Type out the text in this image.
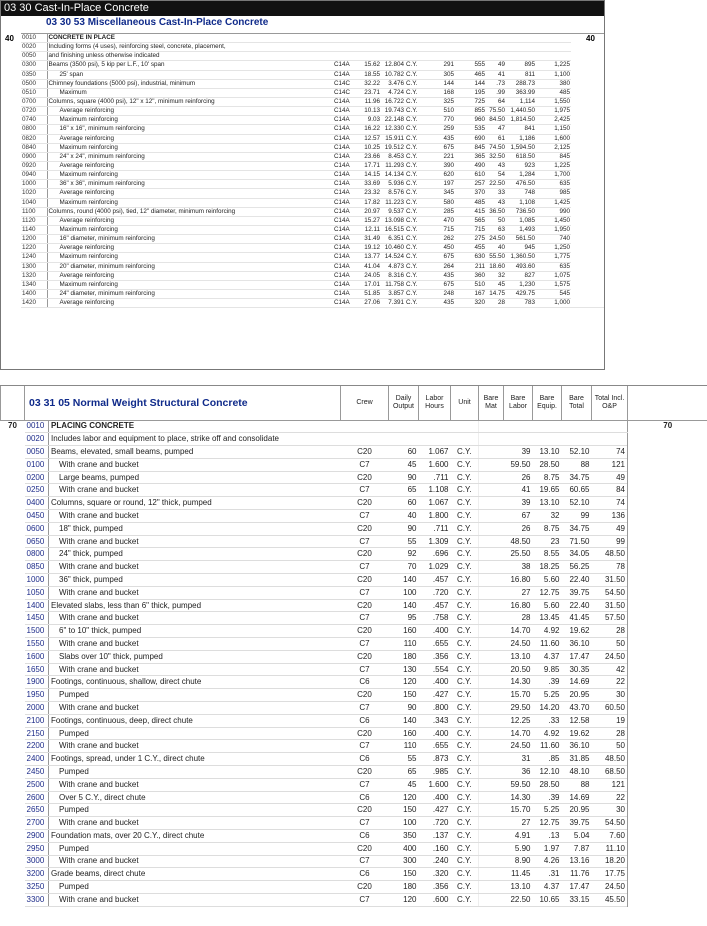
03 30 Cast-In-Place Concrete
03 30 53 Miscellaneous Cast-In-Place Concrete
40	40
0010	CONCRETE IN PLACE										
0020	Including forms (4 uses), reinforcing steel, concrete, placement,										
0050	and finishing unless otherwise indicated										
0300	Beams (3500 psi), 5 kip per L.F., 10' span	C14A	15.62	12.804	C.Y.	291	555	49	895	1,225	
0350	25' span	C14A	18.55	10.782	C.Y.	305	465	41	811	1,100	
0500	Chimney foundations (5000 psi), industrial, minimum	C14C	32.22	3.476	C.Y.	144	144	.73	288.73	380	
0510	Maximum	C14C	23.71	4.724	C.Y.	168	195	.99	363.99	485	
0700	Columns, square (4000 psi), 12" x 12", minimum reinforcing	C14A	11.96	16.722	C.Y.	325	725	64	1,114	1,550	
0720	Average reinforcing	C14A	10.13	19.743	C.Y.	510	855	75.50	1,440.50	1,975	
0740	Maximum reinforcing	C14A	9.03	22.148	C.Y.	770	960	84.50	1,814.50	2,425	
0800	16" x 16", minimum reinforcing	C14A	16.22	12.330	C.Y.	259	535	47	841	1,150	
0820	Average reinforcing	C14A	12.57	15.911	C.Y.	435	690	61	1,186	1,600	
0840	Maximum reinforcing	C14A	10.25	19.512	C.Y.	675	845	74.50	1,594.50	2,125	
0900	24" x 24", minimum reinforcing	C14A	23.66	8.453	C.Y.	221	365	32.50	618.50	845	
0920	Average reinforcing	C14A	17.71	11.293	C.Y.	390	490	43	923	1,225	
0940	Maximum reinforcing	C14A	14.15	14.134	C.Y.	620	610	54	1,284	1,700	
1000	36" x 36", minimum reinforcing	C14A	33.69	5.936	C.Y.	197	257	22.50	476.50	635	
1020	Average reinforcing	C14A	23.32	8.576	C.Y.	345	370	33	748	985	
1040	Maximum reinforcing	C14A	17.82	11.223	C.Y.	580	485	43	1,108	1,425	
1100	Columns, round (4000 psi), tied, 12" diameter, minimum reinforcing	C14A	20.97	9.537	C.Y.	285	415	36.50	736.50	990	
1120	Average reinforcing	C14A	15.27	13.098	C.Y.	470	565	50	1,085	1,450	
1140	Maximum reinforcing	C14A	12.11	16.515	C.Y.	715	715	63	1,493	1,950	
1200	16" diameter, minimum reinforcing	C14A	31.49	6.351	C.Y.	262	275	24.50	561.50	740	
1220	Average reinforcing	C14A	19.12	10.460	C.Y.	450	455	40	945	1,250	
1240	Maximum reinforcing	C14A	13.77	14.524	C.Y.	675	630	55.50	1,360.50	1,775	
1300	20" diameter, minimum reinforcing	C14A	41.04	4.873	C.Y.	264	211	18.60	493.60	635	
1320	Average reinforcing	C14A	24.05	8.316	C.Y.	435	360	32	827	1,075	
1340	Maximum reinforcing	C14A	17.01	11.758	C.Y.	675	510	45	1,230	1,575	
1400	24" diameter, minimum reinforcing	C14A	51.85	3.857	C.Y.	248	167	14.75	429.75	545	
1420	Average reinforcing	C14A	27.06	7.391	C.Y.	435	320	28	783	1,000	
	03 31 05 Normal Weight Structural Concrete		Crew	Daily Output	Labor Hours	Unit	Bare Mat	Bare Labor	Bare Equip.	Bare Total	Total Incl. O&P	
70	0010	PLACING CONCRETE										70
	0020	Includes labor and equipment to place, strike off and consolidate										
	0050	Beams, elevated, small beams, pumped	C20	60	1.067	C.Y.		39	13.10	52.10	74	
	0100	With crane and bucket	C7	45	1.600	C.Y.		59.50	28.50	88	121	
	0200	Large beams, pumped	C20	90	.711	C.Y.		26	8.75	34.75	49	
	0250	With crane and bucket	C7	65	1.108	C.Y.		41	19.65	60.65	84	
	0400	Columns, square or round, 12" thick, pumped	C20	60	1.067	C.Y.		39	13.10	52.10	74	
	0450	With crane and bucket	C7	40	1.800	C.Y.		67	32	99	136	
	0600	18" thick, pumped	C20	90	.711	C.Y.		26	8.75	34.75	49	
	0650	With crane and bucket	C7	55	1.309	C.Y.		48.50	23	71.50	99	
	0800	24" thick, pumped	C20	92	.696	C.Y.		25.50	8.55	34.05	48.50	
	0850	With crane and bucket	C7	70	1.029	C.Y.		38	18.25	56.25	78	
	1000	36" thick, pumped	C20	140	.457	C.Y.		16.80	5.60	22.40	31.50	
	1050	With crane and bucket	C7	100	.720	C.Y.		27	12.75	39.75	54.50	
	1400	Elevated slabs, less than 6" thick, pumped	C20	140	.457	C.Y.		16.80	5.60	22.40	31.50	
	1450	With crane and bucket	C7	95	.758	C.Y.		28	13.45	41.45	57.50	
	1500	6" to 10" thick, pumped	C20	160	.400	C.Y.		14.70	4.92	19.62	28	
	1550	With crane and bucket	C7	110	.655	C.Y.		24.50	11.60	36.10	50	
	1600	Slabs over 10" thick, pumped	C20	180	.356	C.Y.		13.10	4.37	17.47	24.50	
	1650	With crane and bucket	C7	130	.554	C.Y.		20.50	9.85	30.35	42	
	1900	Footings, continuous, shallow, direct chute	C6	120	.400	C.Y.		14.30	.39	14.69	22	
	1950	Pumped	C20	150	.427	C.Y.		15.70	5.25	20.95	30	
	2000	With crane and bucket	C7	90	.800	C.Y.		29.50	14.20	43.70	60.50	
	2100	Footings, continuous, deep, direct chute	C6	140	.343	C.Y.		12.25	.33	12.58	19	
	2150	Pumped	C20	160	.400	C.Y.		14.70	4.92	19.62	28	
	2200	With crane and bucket	C7	110	.655	C.Y.		24.50	11.60	36.10	50	
	2400	Footings, spread, under 1 C.Y., direct chute	C6	55	.873	C.Y.		31	.85	31.85	48.50	
	2450	Pumped	C20	65	.985	C.Y.		36	12.10	48.10	68.50	
	2500	With crane and bucket	C7	45	1.600	C.Y.		59.50	28.50	88	121	
	2600	Over 5 C.Y., direct chute	C6	120	.400	C.Y.		14.30	.39	14.69	22	
	2650	Pumped	C20	150	.427	C.Y.		15.70	5.25	20.95	30	
	2700	With crane and bucket	C7	100	.720	C.Y.		27	12.75	39.75	54.50	
	2900	Foundation mats, over 20 C.Y., direct chute	C6	350	.137	C.Y.		4.91	.13	5.04	7.60	
	2950	Pumped	C20	400	.160	C.Y.		5.90	1.97	7.87	11.10	
	3000	With crane and bucket	C7	300	.240	C.Y.		8.90	4.26	13.16	18.20	
	3200	Grade beams, direct chute	C6	150	.320	C.Y.		11.45	.31	11.76	17.75	
	3250	Pumped	C20	180	.356	C.Y.		13.10	4.37	17.47	24.50	
	3300	With crane and bucket	C7	120	.600	C.Y.		22.50	10.65	33.15	45.50	
